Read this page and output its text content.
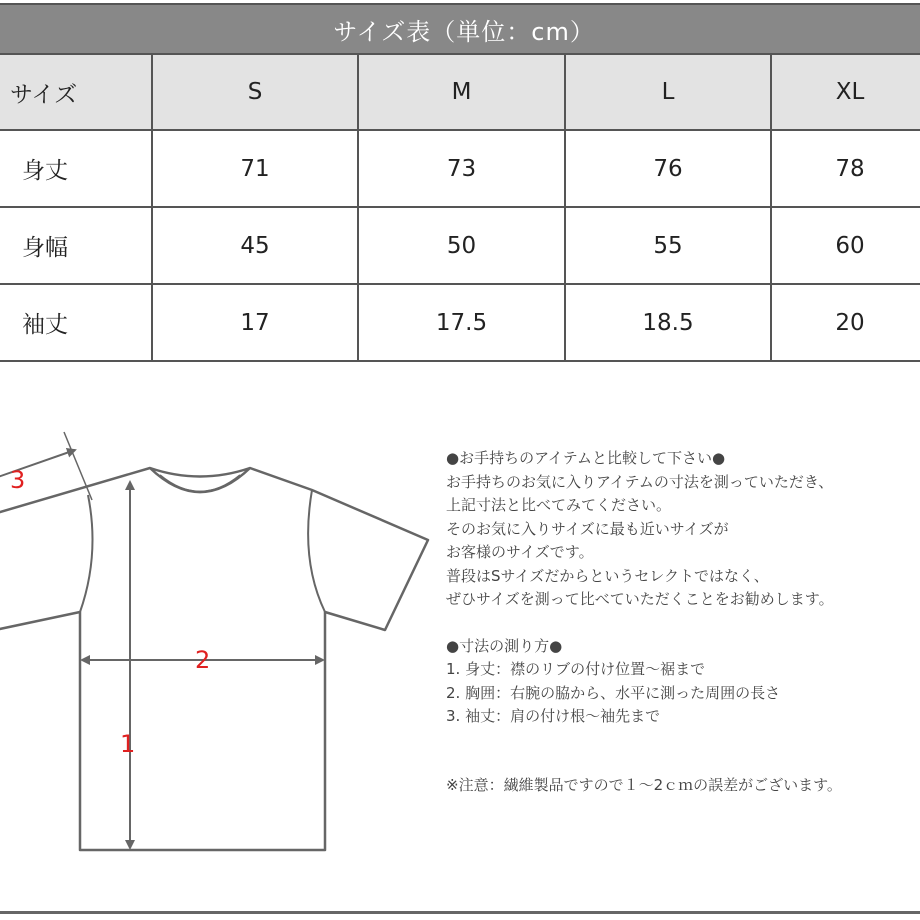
サイズ表（単位：cm）				
サイズ	S	M	L	XL
身丈	71	73	76	78
身幅	45	50	55	60
袖丈	17	17.5	18.5	20
1
2
3
●お手持ちのアイテムと比較して下さい●
お手持ちのお気に入りアイテムの寸法を測っていただき、
上記寸法と比べてみてください。
そのお気に入りサイズに最も近いサイズが
お客様のサイズです。
普段はSサイズだからというセレクトではなく、
ぜひサイズを測って比べていただくことをお勧めします。
●寸法の測り方●
1. 身丈：襟のリブの付け位置～裾まで
2. 胸囲：右腕の脇から、水平に測った周囲の長さ
3. 袖丈：肩の付け根～袖先まで
※注意：繊維製品ですので１～2ｃｍの誤差がございます。
